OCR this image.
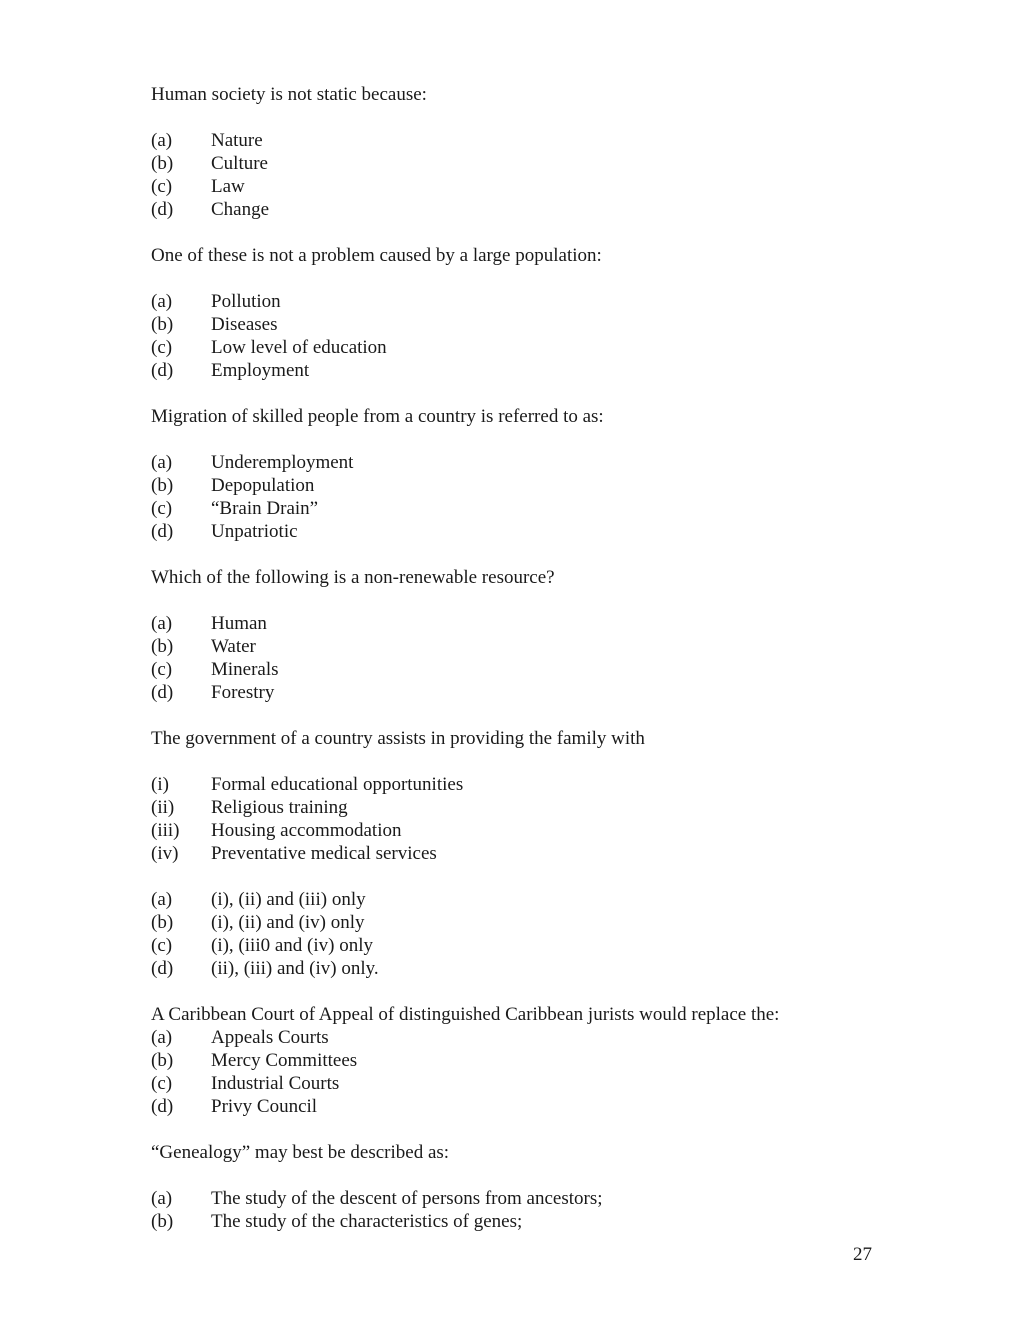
Human society is not static because:
(a)	Nature
(b)	Culture
(c)	Law
(d)	Change
One of these is not a problem caused by a large population:
(a)	Pollution
(b)	Diseases
(c)	Low level of education
(d)	Employment
Migration of skilled people from a country is referred to as:
(a)	Underemployment
(b)	Depopulation
(c)	“Brain Drain”
(d)	Unpatriotic
Which of the following is a non-renewable resource?
(a)	Human
(b)	Water
(c)	Minerals
(d)	Forestry
The government of a country assists in providing the family with
(i)	Formal educational opportunities
(ii)	Religious training
(iii)	Housing accommodation
(iv)	Preventative medical services
(a)	(i), (ii) and (iii) only
(b)	(i), (ii) and (iv) only
(c)	(i), (iii0 and (iv) only
(d)	(ii), (iii) and (iv) only.
A Caribbean Court of Appeal of distinguished Caribbean jurists would replace the:
(a)	Appeals Courts
(b)	Mercy Committees
(c)	Industrial Courts
(d)	Privy Council
“Genealogy” may best be described as:
(a)	The study of the descent of persons from ancestors;
(b)	The study of the characteristics of genes;
27
